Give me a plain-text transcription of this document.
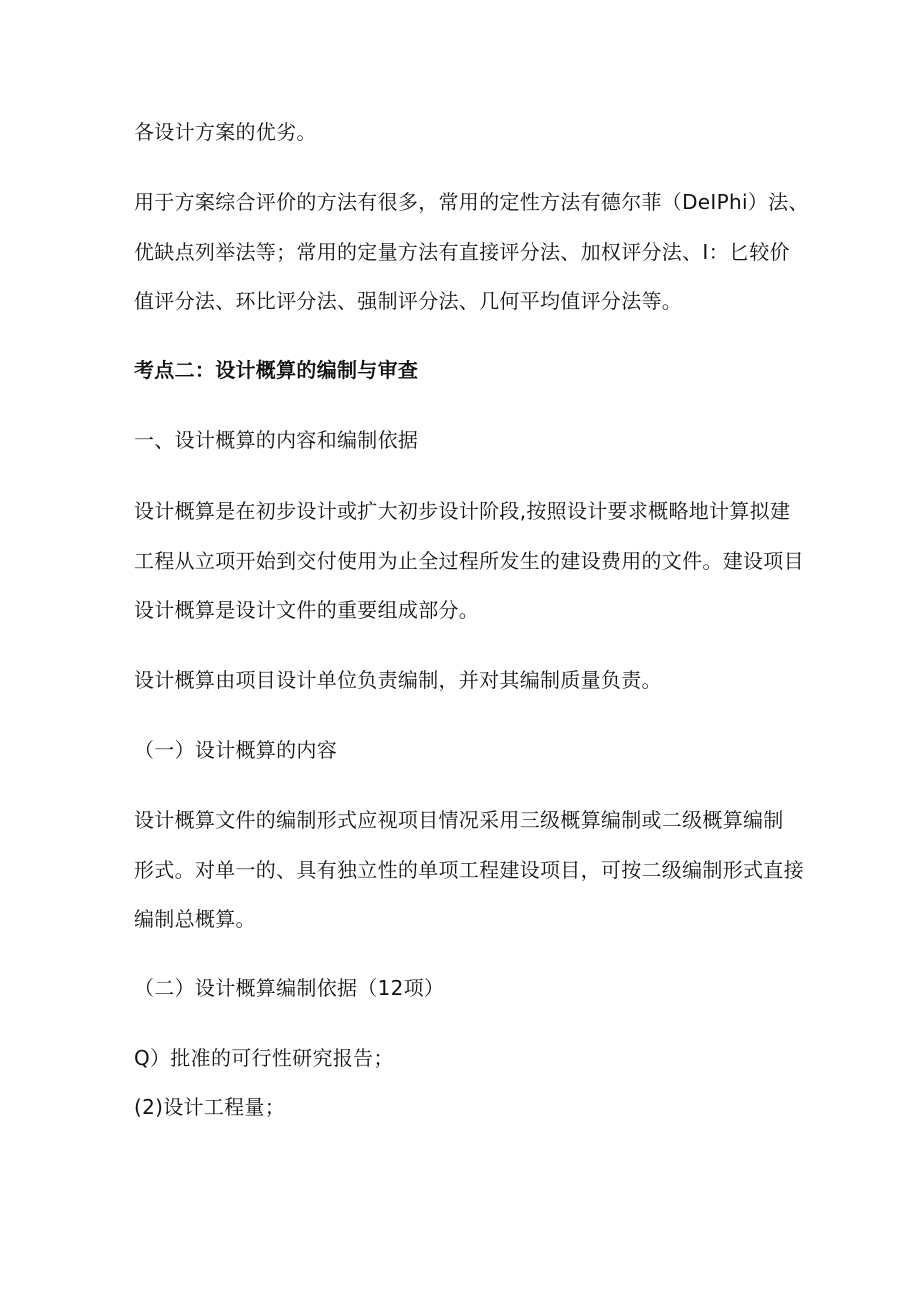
各设计方案的优劣。
用于方案综合评价的方法有很多，常用的定性方法有德尔菲（DeIPhi）法、
优缺点列举法等；常用的定量方法有直接评分法、加权评分法、I：匕较价
值评分法、环比评分法、强制评分法、几何平均值评分法等。
考点二：设计概算的编制与审查
一、设计概算的内容和编制依据
设计概算是在初步设计或扩大初步设计阶段,按照设计要求概略地计算拟建
工程从立项开始到交付使用为止全过程所发生的建设费用的文件。建设项目
设计概算是设计文件的重要组成部分。
设计概算由项目设计单位负责编制，并对其编制质量负责。
（一）设计概算的内容
设计概算文件的编制形式应视项目情况采用三级概算编制或二级概算编制
形式。对单一的、具有独立性的单项工程建设项目，可按二级编制形式直接
编制总概算。
（二）设计概算编制依据（12项）
Q）批准的可行性研究报告；
(2)设计工程量；
